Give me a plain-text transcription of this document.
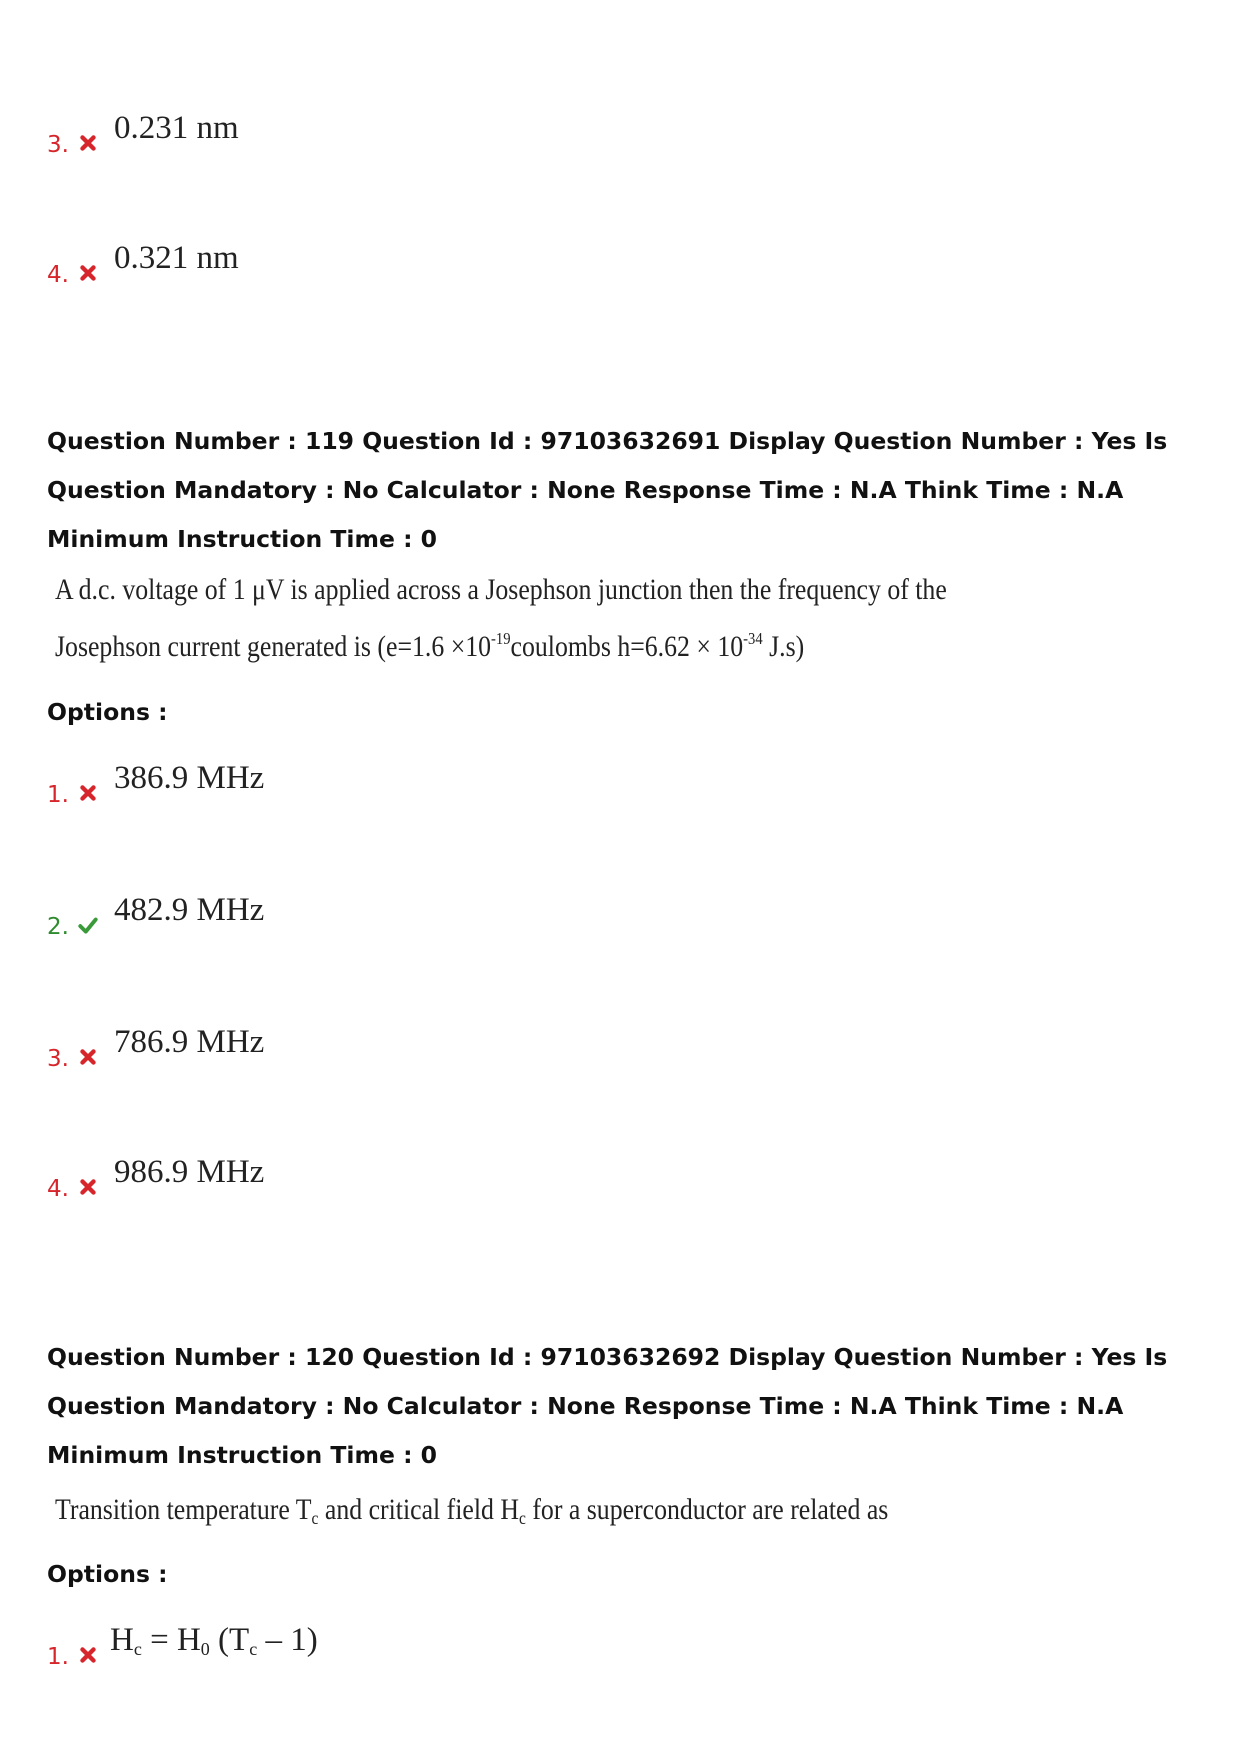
3. 0.231 nm
4. 0.321 nm
Question Number : 119 Question Id : 97103632691 Display Question Number : Yes Is Question Mandatory : No Calculator : None Response Time : N.A Think Time : N.A Minimum Instruction Time : 0
A d.c. voltage of 1 μV is applied across a Josephson junction then the frequency of the
Josephson current generated is ($e=1.6 \times 10^{-19}coulombs$ $h=6.62 \times 10^{-34}$ J.s)
Options :
1. 386.9 MHz
2. 482.9 MHz
3. 786.9 MHz
4. 986.9 MHz
Question Number : 120 Question Id : 97103632692 Display Question Number : Yes Is Question Mandatory : No Calculator : None Response Time : N.A Think Time : N.A Minimum Instruction Time : 0
Transition temperature $T_c$ and critical field $H_c$ for a superconductor are related as
Options :
1. $H_c = H_0$ $(T_c - 1)$
